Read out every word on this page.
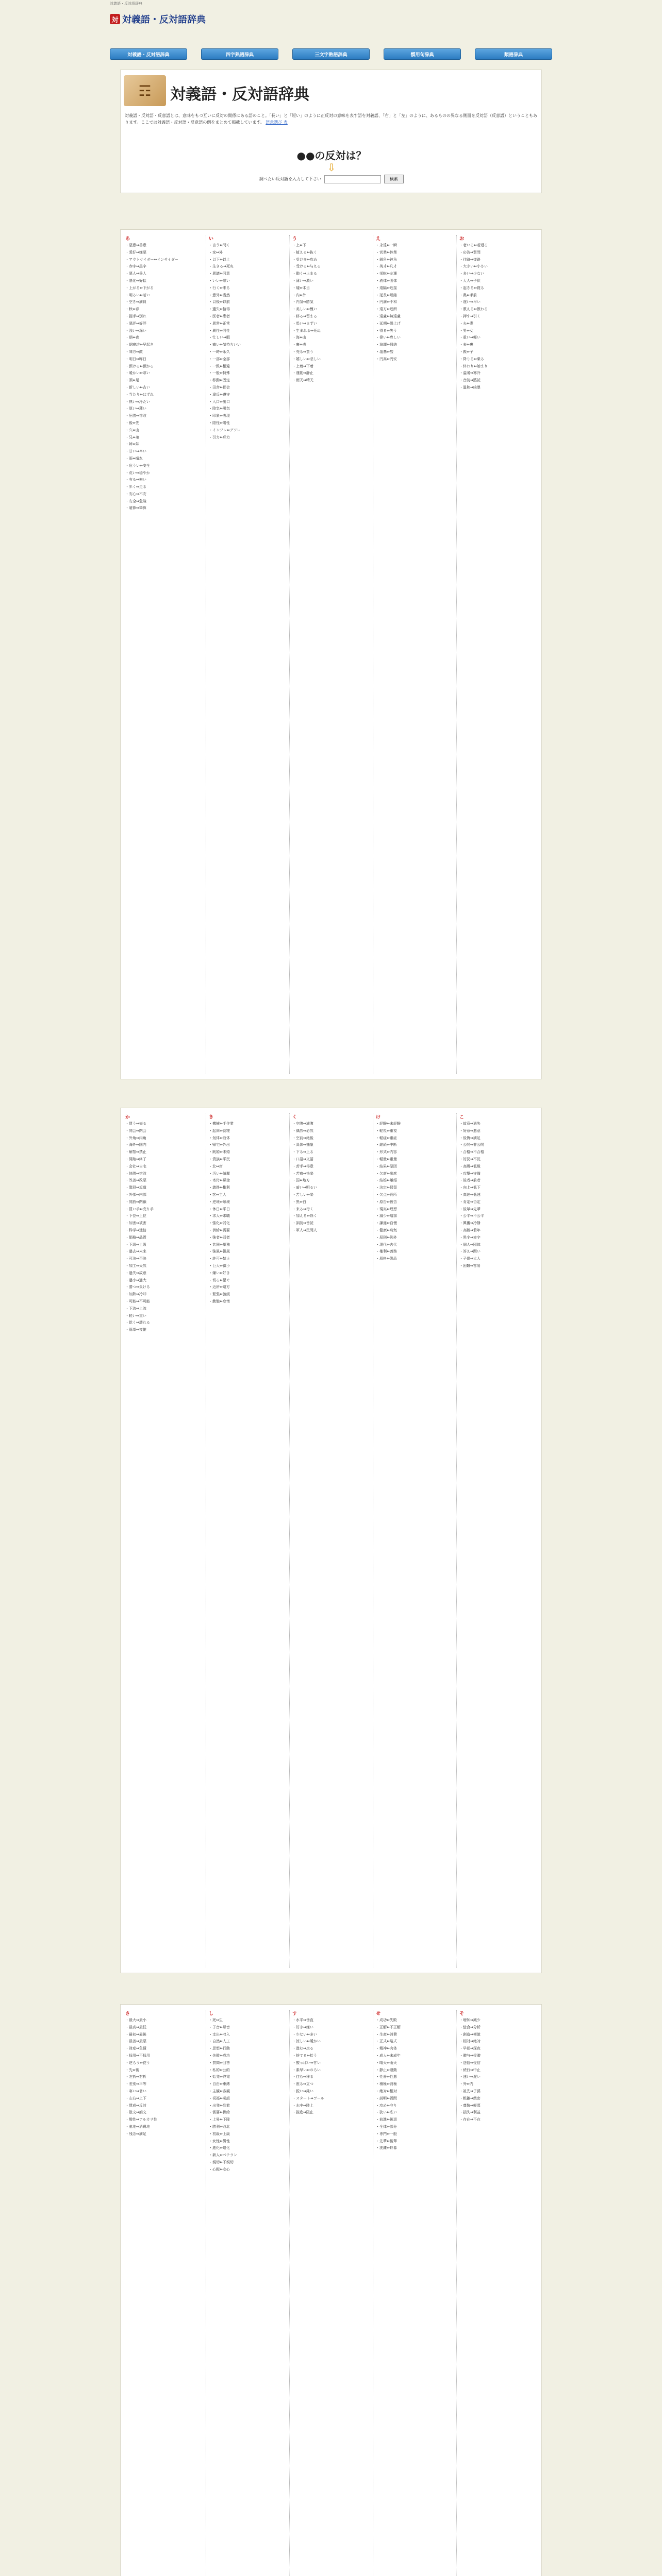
対義語・反対語辞典
対 対義語・反対語辞典
対義語・反対語辞典	四字熟語辞典	三文字熟語辞典	慣用句辞典	類語辞典
☶	対義語・反対語辞典

対義語・反対語・反意語とは、意味をもつ互いに反対の関係にある語のこと。「長い」と「短い」のように正反対の意味を表す語を対義語、「右」と「左」のように、あるものの異なる側面を反対語（反意語）ということもあります。ここでは対義語・反対語・反意語の例をまとめて掲載しています。 語意選び 表

●●の反対は？
⇩
調べたい反対語を入力して下さい	検索
あ
・悪意⇔善意
・愛好⇔嫌悪
・アウトサイダー⇔インサイダー
・赤字⇔黒字
・悪人⇔善人
・悪化⇔好転
・上がる⇔下がる
・明るい⇔暗い
・空き⇔満員
・秋⇔春
・握手⇔別れ
・悪評⇔好評
・浅い⇔深い
・朝⇔夜
・朝寝坊⇔早起き
・味方⇔敵
・明日⇔昨日
・預ける⇔預かる
・暖かい⇔寒い
・頭⇔足
・新しい⇔古い
・当たり⇔はずれ
・熱い⇔冷たい
・厚い⇔薄い
・圧勝⇔惨敗
・後⇔先
・穴⇔山
・兄⇔弟
・姉⇔妹
・甘い⇔辛い
・雨⇔晴れ
・危うい⇔安全
・荒い⇔穏やか
・有る⇔無い
・歩く⇔走る
・安心⇔不安
・安全⇔危険
・暗算⇔筆算
い
・言う⇔聞く
・家⇔外
・以下⇔以上
・生きる⇔死ぬ
・異議⇔同意
・いい⇔悪い
・行く⇔来る
・意外⇔当然
・以後⇔以前
・遺失⇔拾得
・医者⇔患者
・異常⇔正常
・異性⇔同性
・忙しい⇔暇
・痛い⇔気持ちいい
・一時⇔永久
・一部⇔全部
・一致⇔相違
・一般⇔特殊
・移動⇔固定
・田舎⇔都会
・違反⇔遵守
・入口⇔出口
・陰気⇔陽気
・印象⇔表現
・陰性⇔陽性
・インフレ⇔デフレ
・引力⇔斥力
う
・上⇔下
・植える⇔抜く
・受け身⇔攻め
・受ける⇔与える
・動く⇔止まる
・薄い⇔濃い
・嘘⇔本当
・内⇔外
・内気⇔勝気
・美しい⇔醜い
・移る⇔留まる
・馬い⇔まずい
・生まれる⇔死ぬ
・海⇔山
・裏⇔表
・売る⇔買う
・嬉しい⇔悲しい
・上着⇔下着
・運動⇔静止
・雨天⇔晴天
え
・永遠⇔一瞬
・営業⇔休業
・鋭角⇔鈍角
・英才⇔凡才
・栄転⇔左遷
・液体⇔固体
・遠隔⇔近接
・延長⇔短縮
・円満⇔不和
・遠方⇔近所
・遠慮⇔無遠慮
・延期⇔繰上げ
・得る⇔失う
・偉い⇔卑しい
・演繹⇔帰納
・塩基⇔酸
・円高⇔円安
お
・老いる⇔若返る
・応答⇔質問
・往路⇔復路
・大きい⇔小さい
・多い⇔少ない
・大人⇔子供
・起きる⇔寝る
・奥⇔手前
・遅い⇔早い
・教える⇔教わる
・押す⇔引く
・夫⇔妻
・男⇔女
・重い⇔軽い
・表⇔裏
・親⇔子
・降りる⇔乗る
・終わり⇔始まり
・温暖⇔寒冷
・音読⇔黙読
・温和⇔凶暴
か
・買う⇔売る
・開会⇔閉会
・外角⇔内角
・海外⇔国内
・解禁⇔禁止
・開始⇔終了
・会社⇔自宅
・快勝⇔惜敗
・改善⇔改悪
・階段⇔坂道
・外部⇔内部
・開放⇔閉鎖
・買い手⇔売り手
・下位⇔上位
・加害⇔被害
・科学⇔迷信
・価格⇔品質
・下級⇔上級
・過去⇔未来
・可決⇔否決
・加工⇔天然
・過失⇔故意
・過小⇔過大
・勝つ⇔負ける
・加熱⇔冷却
・可能⇔不可能
・下流⇔上流
・軽い⇔重い
・乾く⇔濡れる
・簡単⇔複雑
き
・機械⇔手作業
・起床⇔就寝
・気体⇔液体
・帰宅⇔外出
・既婚⇔未婚
・貴族⇔平民
・北⇔南
・汚い⇔綺麗
・寄付⇔募金
・義務⇔権利
・客⇔主人
・逆境⇔順境
・休日⇔平日
・求人⇔求職
・強化⇔弱化
・供給⇔需要
・強者⇔弱者
・共同⇔単独
・強風⇔微風
・許可⇔禁止
・巨大⇔微小
・嫌い⇔好き
・切る⇔繋ぐ
・近所⇔遠方
・緊張⇔弛緩
・勤勉⇔怠惰
く
・空腹⇔満腹
・偶然⇔必然
・空前⇔絶後
・具体⇔抽象
・下る⇔上る
・口語⇔文語
・苦手⇔得意
・苦痛⇔快楽
・国⇔地方
・暗い⇔明るい
・苦しい⇔楽
・黒⇔白
・来る⇔行く
・加える⇔除く
・訓読⇔音読
・軍人⇔民間人
け
・経験⇔未経験
・軽視⇔重視
・軽症⇔重症
・継続⇔中断
・形式⇔内容
・軽量⇔重量
・結果⇔原因
・欠席⇔出席
・結婚⇔離婚
・決定⇔保留
・欠点⇔長所
・原告⇔被告
・現実⇔理想
・減少⇔増加
・謙遜⇔自慢
・健康⇔病気
・原則⇔例外
・現代⇔古代
・権利⇔義務
・原料⇔製品
こ
・故意⇔過失
・好意⇔悪意
・後悔⇔満足
・公開⇔非公開
・合格⇔不合格
・好況⇔不況
・高級⇔低級
・攻撃⇔守備
・後者⇔前者
・向上⇔低下
・高速⇔低速
・肯定⇔否定
・後輩⇔先輩
・公平⇔不公平
・興奮⇔冷静
・高齢⇔若年
・黒字⇔赤字
・個人⇔団体
・答え⇔問い
・子供⇔大人
・困難⇔容易
さ
・最大⇔最小
・最高⇔最低
・最初⇔最後
・最善⇔最悪
・財産⇔負債
・採用⇔不採用
・逆らう⇔従う
・先⇔後
・左折⇔右折
・差別⇔平等
・寒い⇔暑い
・左右⇔上下
・賛成⇔反対
・散文⇔韻文
・酸性⇔アルカリ性
・産地⇔消費地
・残念⇔満足
し
・死⇔生
・子音⇔母音
・支出⇔収入
・自然⇔人工
・思想⇔行動
・失敗⇔成功
・質問⇔回答
・私的⇔公的
・始発⇔終電
・自由⇔束縛
・主観⇔客観
・祝福⇔呪詛
・出発⇔到着
・需要⇔供給
・上昇⇔下降
・勝利⇔敗北
・初級⇔上級
・女性⇔男性
・進化⇔退化
・新人⇔ベテラン
・親切⇔不親切
・心配⇔安心
す
・水平⇔垂直
・好き⇔嫌い
・少ない⇔多い
・涼しい⇔暖かい
・進む⇔戻る
・捨てる⇔拾う
・酸っぱい⇔甘い
・素早い⇔のろい
・住む⇔移る
・座る⇔立つ
・鋭い⇔鈍い
・スタート⇔ゴール
・水中⇔陸上
・推進⇔阻止
せ
・成功⇔失敗
・正解⇔不正解
・生産⇔消費
・正式⇔略式
・精神⇔肉体
・成人⇔未成年
・晴天⇔雨天
・静止⇔運動
・性善⇔性悪
・積極⇔消極
・絶対⇔相対
・説明⇔質問
・攻め⇔守り
・狭い⇔広い
・前進⇔後退
・全体⇔部分
・専門⇔一般
・先輩⇔後輩
・洗練⇔野暮
そ
・増加⇔減少
・総合⇔分析
・創造⇔模倣
・相対⇔絶対
・早朝⇔深夜
・贈与⇔受贈
・送信⇔受信
・続行⇔中止
・速い⇔遅い
・外⇔内
・祖先⇔子孫
・粗雑⇔緻密
・尊敬⇔軽蔑
・損失⇔利益
・存在⇔不在
